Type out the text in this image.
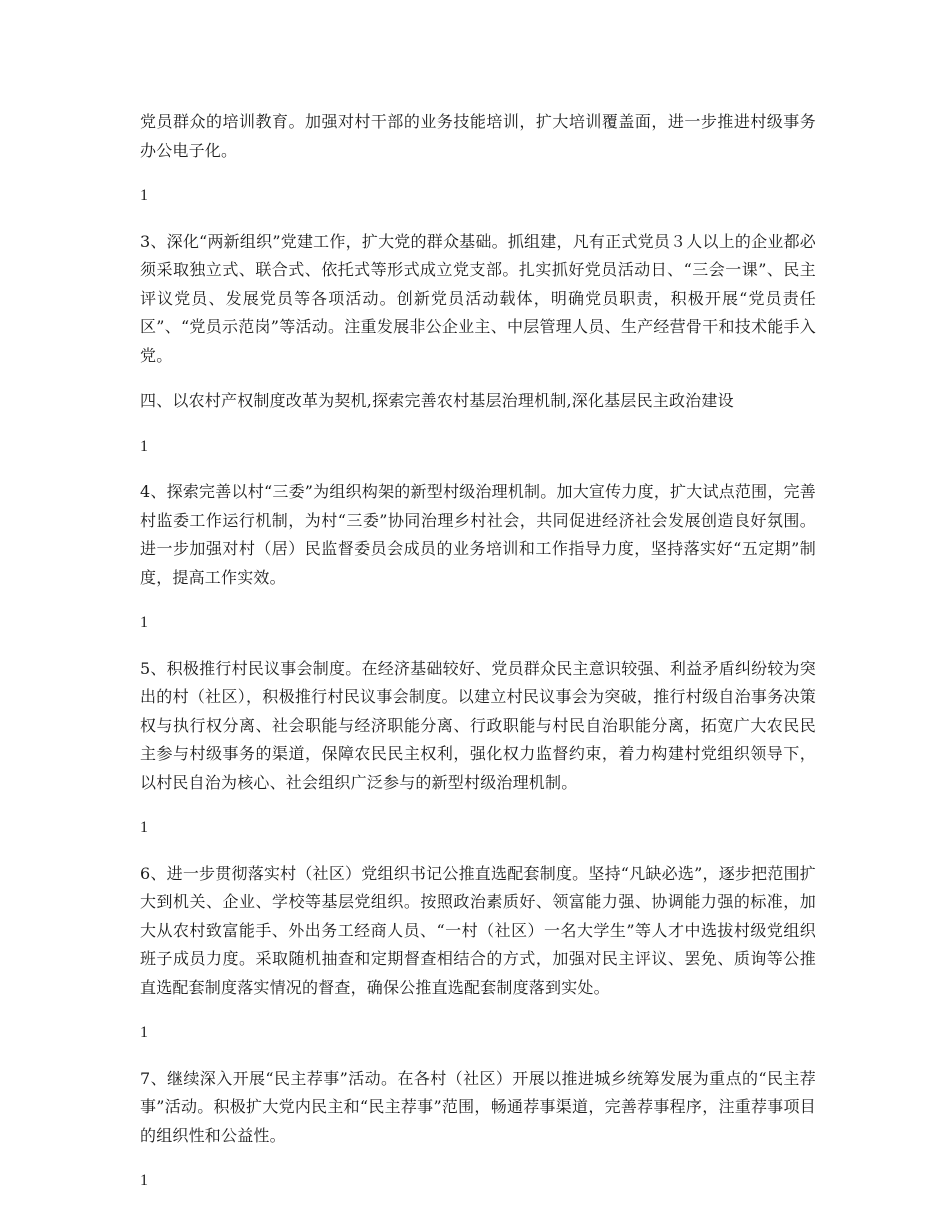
党员群众的培训教育。加强对村干部的业务技能培训，扩大培训覆盖面，进一步推进村级事务办公电子化。

1

3、深化“两新组织”党建工作，扩大党的群众基础。抓组建，凡有正式党员３人以上的企业都必须采取独立式、联合式、依托式等形式成立党支部。扎实抓好党员活动日、“三会一课”、民主评议党员、发展党员等各项活动。创新党员活动载体，明确党员职责，积极开展“党员责任区”、“党员示范岗”等活动。注重发展非公企业主、中层管理人员、生产经营骨干和技术能手入党。

四、以农村产权制度改革为契机,探索完善农村基层治理机制,深化基层民主政治建设

1

4、探索完善以村“三委”为组织构架的新型村级治理机制。加大宣传力度，扩大试点范围，完善村监委工作运行机制，为村“三委”协同治理乡村社会，共同促进经济社会发展创造良好氛围。进一步加强对村（居）民监督委员会成员的业务培训和工作指导力度，坚持落实好“五定期”制度，提高工作实效。

1

5、积极推行村民议事会制度。在经济基础较好、党员群众民主意识较强、利益矛盾纠纷较为突出的村（社区），积极推行村民议事会制度。以建立村民议事会为突破，推行村级自治事务决策权与执行权分离、社会职能与经济职能分离、行政职能与村民自治职能分离，拓宽广大农民民主参与村级事务的渠道，保障农民民主权利，强化权力监督约束，着力构建村党组织领导下，以村民自治为核心、社会组织广泛参与的新型村级治理机制。

1

6、进一步贯彻落实村（社区）党组织书记公推直选配套制度。坚持“凡缺必选”，逐步把范围扩大到机关、企业、学校等基层党组织。按照政治素质好、领富能力强、协调能力强的标准，加大从农村致富能手、外出务工经商人员、“一村（社区）一名大学生”等人才中选拔村级党组织班子成员力度。采取随机抽查和定期督查相结合的方式，加强对民主评议、罢免、质询等公推直选配套制度落实情况的督查，确保公推直选配套制度落到实处。

1

7、继续深入开展“民主荐事”活动。在各村（社区）开展以推进城乡统筹发展为重点的“民主荐事”活动。积极扩大党内民主和“民主荐事”范围，畅通荐事渠道，完善荐事程序，注重荐事项目的组织性和公益性。

1
